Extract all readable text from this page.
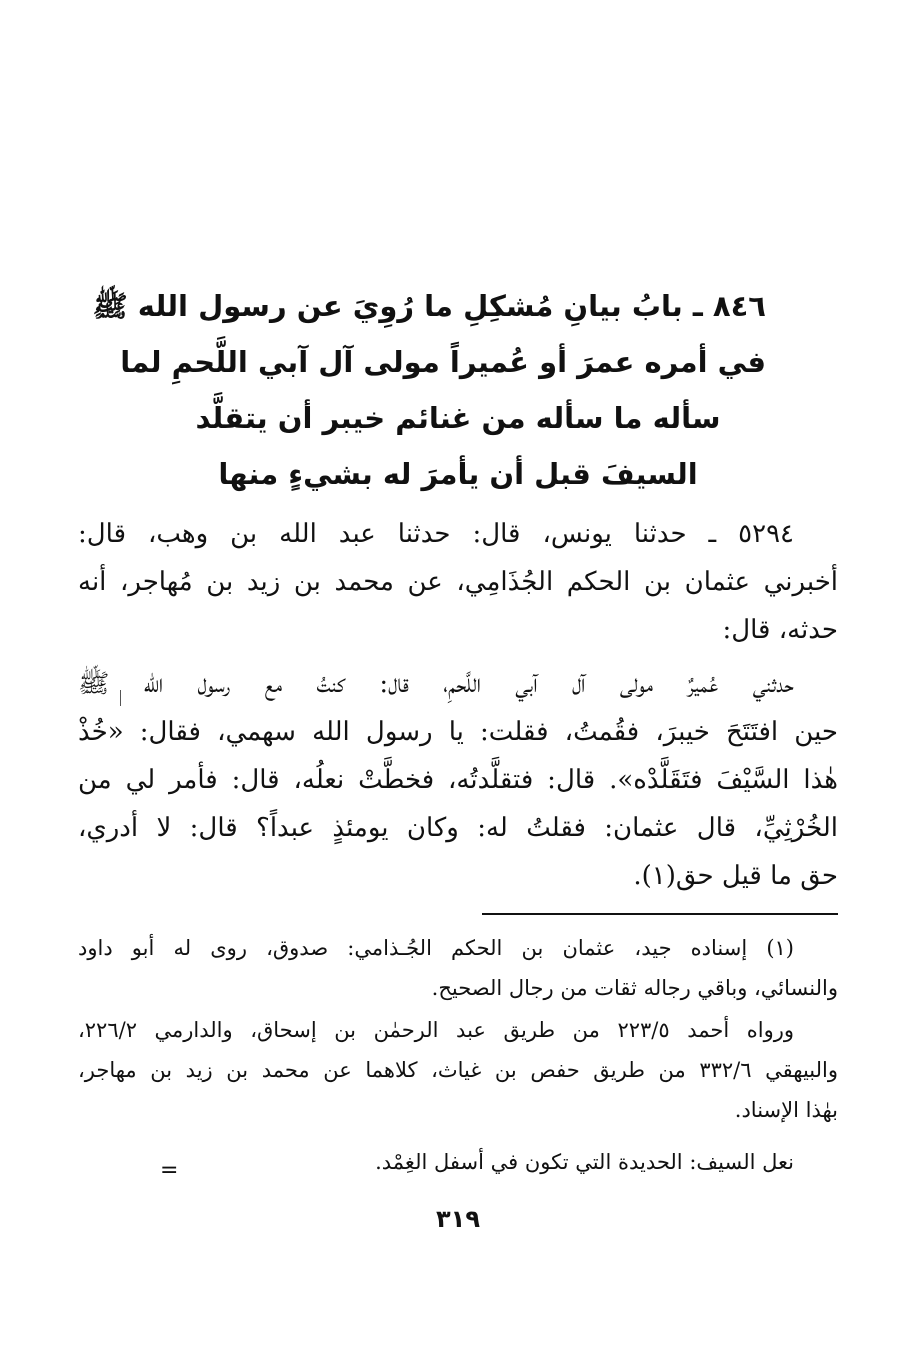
٨٤٦ ـ بابُ بيانِ مُشكِلِ ما رُوِيَ عن رسول الله ﷺ
في أمره عمرَ أو عُميراً مولى آل آبي اللَّحمِ لما
سأله ما سأله من غنائم خيبر أن يتقلَّد
السيفَ قبل أن يأمرَ له بشيءٍ منها
٥٢٩٤ ـ حدثنا يونس، قال: حدثنا عبد الله بن وهب، قال:
أخبرني عثمان بن الحكم الجُذَامِي، عن محمد بن زيد بن مُهاجر، أنه
حدثه، قال:
حدثني عُميرٌ مولى آل آبي اللَّحمِ، قال: كنتُ مع رسول الله ﷺ
حين افتَتَحَ خيبرَ، فقُمتُ، فقلت: يا رسول الله سهمي، فقال: «خُذْ
هٰذا السَّيْفَ فتَقَلَّدْه». قال: فتقلَّدتُه، فخطَّتْ نعلُه، قال: فأمر لي من
الخُرْثِيِّ، قال عثمان: فقلتُ له: وكان يومئذٍ عبداً؟ قال: لا أدري،
حق ما قيل حق(١).
(١) إسناده جيد، عثمان بن الحكم الجُـذامي: صدوق، روى له أبو داود
والنسائي، وباقي رجاله ثقات من رجال الصحيح.
ورواه أحمد ٢٢٣/٥ من طريق عبد الرحمٰن بن إسحاق، والدارمي ٢٢٦/٢،
والبيهقي ٣٣٢/٦ من طريق حفص بن غياث، كلاهما عن محمد بن زيد بن مهاجر،
بهٰذا الإسناد.
نعل السيف: الحديدة التي تكون في أسفل الغِمْد.
=
٣١٩
